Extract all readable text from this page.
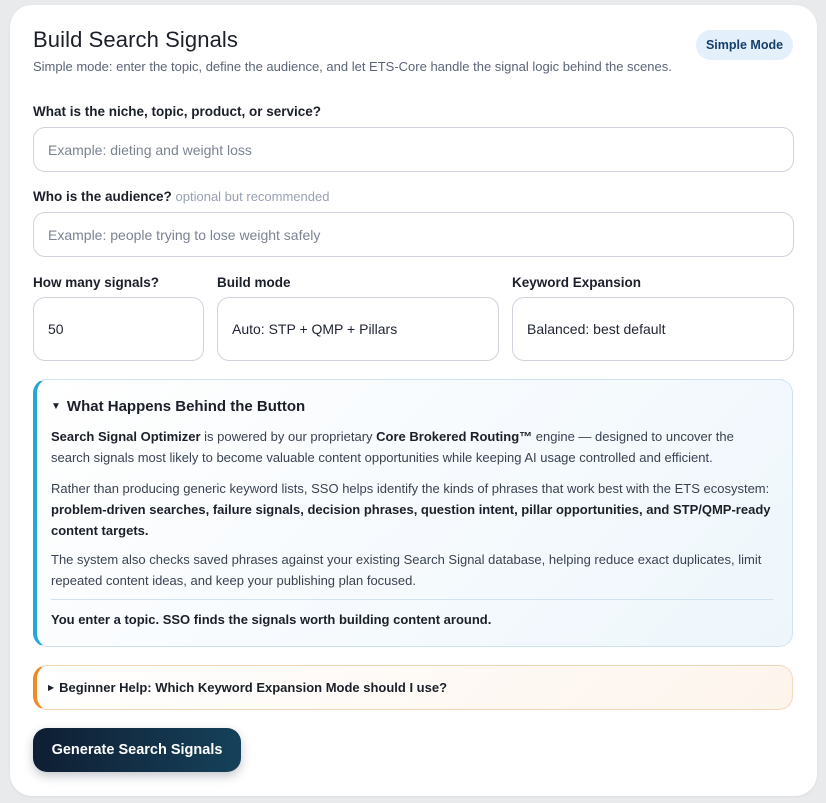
Build Search Signals
Simple mode: enter the topic, define the audience, and let ETS-Core handle the signal logic behind the scenes.
Simple Mode
What is the niche, topic, product, or service?
Example: dieting and weight loss
Who is the audience? optional but recommended
Example: people trying to lose weight safely
How many signals?
50
Build mode
Auto: STP + QMP + Pillars
Keyword Expansion
Balanced: best default
▼ What Happens Behind the Button
Search Signal Optimizer is powered by our proprietary Core Brokered Routing™ engine — designed to uncover the search signals most likely to become valuable content opportunities while keeping AI usage controlled and efficient.
Rather than producing generic keyword lists, SSO helps identify the kinds of phrases that work best with the ETS ecosystem: problem-driven searches, failure signals, decision phrases, question intent, pillar opportunities, and STP/QMP-ready content targets.
The system also checks saved phrases against your existing Search Signal database, helping reduce exact duplicates, limit repeated content ideas, and keep your publishing plan focused.
You enter a topic. SSO finds the signals worth building content around.
▶ Beginner Help: Which Keyword Expansion Mode should I use?
Generate Search Signals
